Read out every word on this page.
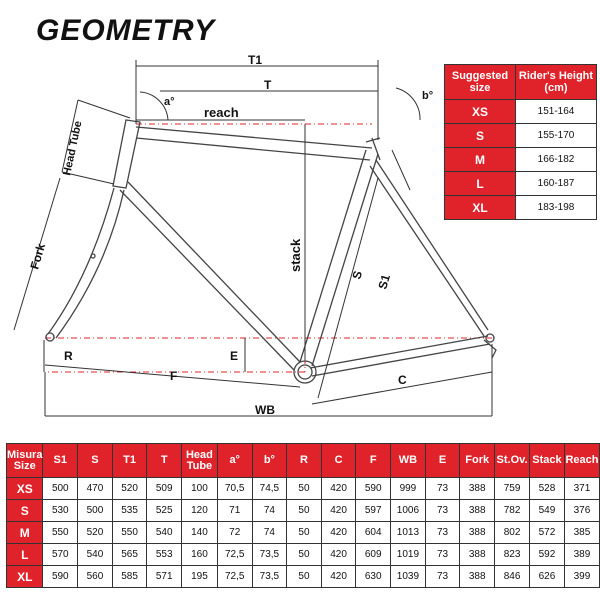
GEOMETRY
T1
T
a°	b°
reach
Head Tube
Fork	stack
S S1
R	E
F	C
WB
Suggested size	Rider's Height (cm)
XS	151-164
S	155-170
M	166-182
L	160-187
XL	183-198
Misura Size	S1	S	T1	T	Head Tube	a°	b°	R	C	F	WB	E	Fork	St.Ov.	Stack	Reach
XS	500	470	520	509	100	70,5	74,5	50	420	590	999	73	388	759	528	371
S	530	500	535	525	120	71	74	50	420	597	1006	73	388	782	549	376
M	550	520	550	540	140	72	74	50	420	604	1013	73	388	802	572	385
L	570	540	565	553	160	72,5	73,5	50	420	609	1019	73	388	823	592	389
XL	590	560	585	571	195	72,5	73,5	50	420	630	1039	73	388	846	626	399
